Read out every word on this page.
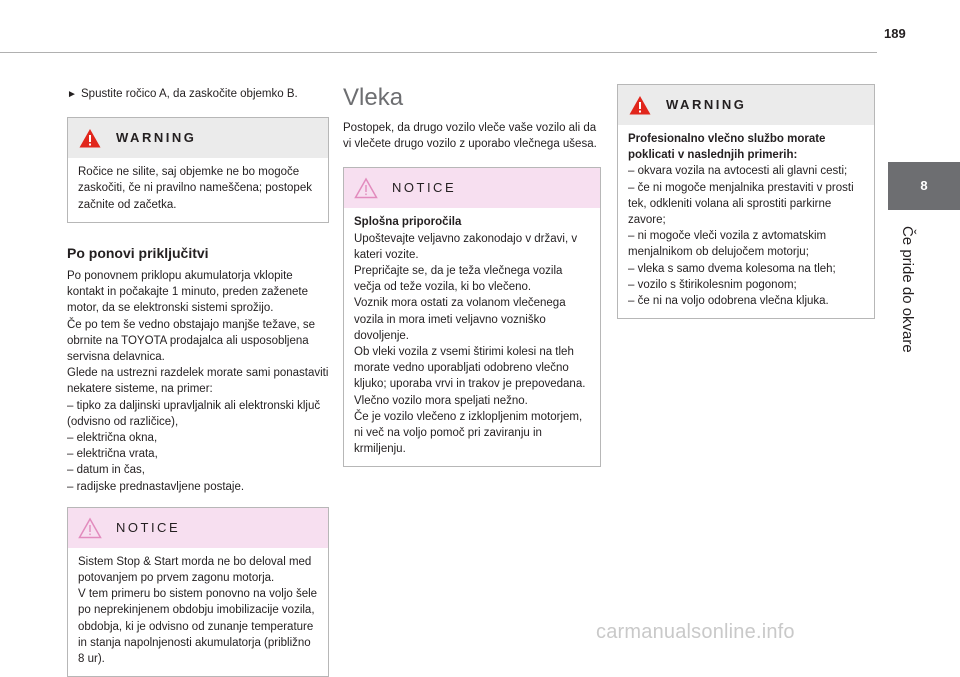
189
8
Če pride do okvare

► Spustite ročico A, da zaskočite objemko B.

WARNING

Ročice ne silite, saj objemke ne bo mogoče zaskočiti, če ni pravilno nameščena; postopek začnite od začetka.

Po ponovi priključitvi

Po ponovnem priklopu akumulatorja vklopite kontakt in počakajte 1 minuto, preden zaženete motor, da se elektronski sistemi sprožijo.

Če po tem še vedno obstajajo manjše težave, se obrnite na TOYOTA prodajalca ali usposobljena servisna delavnica.

Glede na ustrezni razdelek morate sami ponastaviti nekatere sisteme, na primer:

– tipko za daljinski upravljalnik ali elektronski ključ (odvisno od različice),

– električna okna,

– električna vrata,

– datum in čas,

– radijske prednastavljene postaje.

NOTICE

Sistem Stop & Start morda ne bo deloval med potovanjem po prvem zagonu motorja.

V tem primeru bo sistem ponovno na voljo šele po neprekinjenem obdobju imobilizacije vozila, obdobja, ki je odvisno od zunanje temperature in stanja napolnjenosti akumulatorja (približno 8 ur).

Vleka

Postopek, da drugo vozilo vleče vaše vozilo ali da vi vlečete drugo vozilo z uporabo vlečnega ušesa.

NOTICE

Splošna priporočila

Upoštevajte veljavno zakonodajo v državi, v kateri vozite.

Prepričajte se, da je teža vlečnega vozila večja od teže vozila, ki bo vlečeno.

Voznik mora ostati za volanom vlečenega vozila in mora imeti veljavno vozniško dovoljenje.

Ob vleki vozila z vsemi štirimi kolesi na tleh morate vedno uporabljati odobreno vlečno kljuko; uporaba vrvi in trakov je prepovedana.

Vlečno vozilo mora speljati nežno.

Če je vozilo vlečeno z izklopljenim motorjem, ni več na voljo pomoč pri zaviranju in krmiljenju.

WARNING

Profesionalno vlečno službo morate poklicati v naslednjih primerih:

– okvara vozila na avtocesti ali glavni cesti;

– če ni mogoče menjalnika prestaviti v prosti tek, odkleniti volana ali sprostiti parkirne zavore;

– ni mogoče vleči vozila z avtomatskim menjalnikom ob delujočem motorju;

– vleka s samo dvema kolesoma na tleh;

– vozilo s štirikolesnim pogonom;

– če ni na voljo odobrena vlečna kljuka.

carmanualsonline.info
